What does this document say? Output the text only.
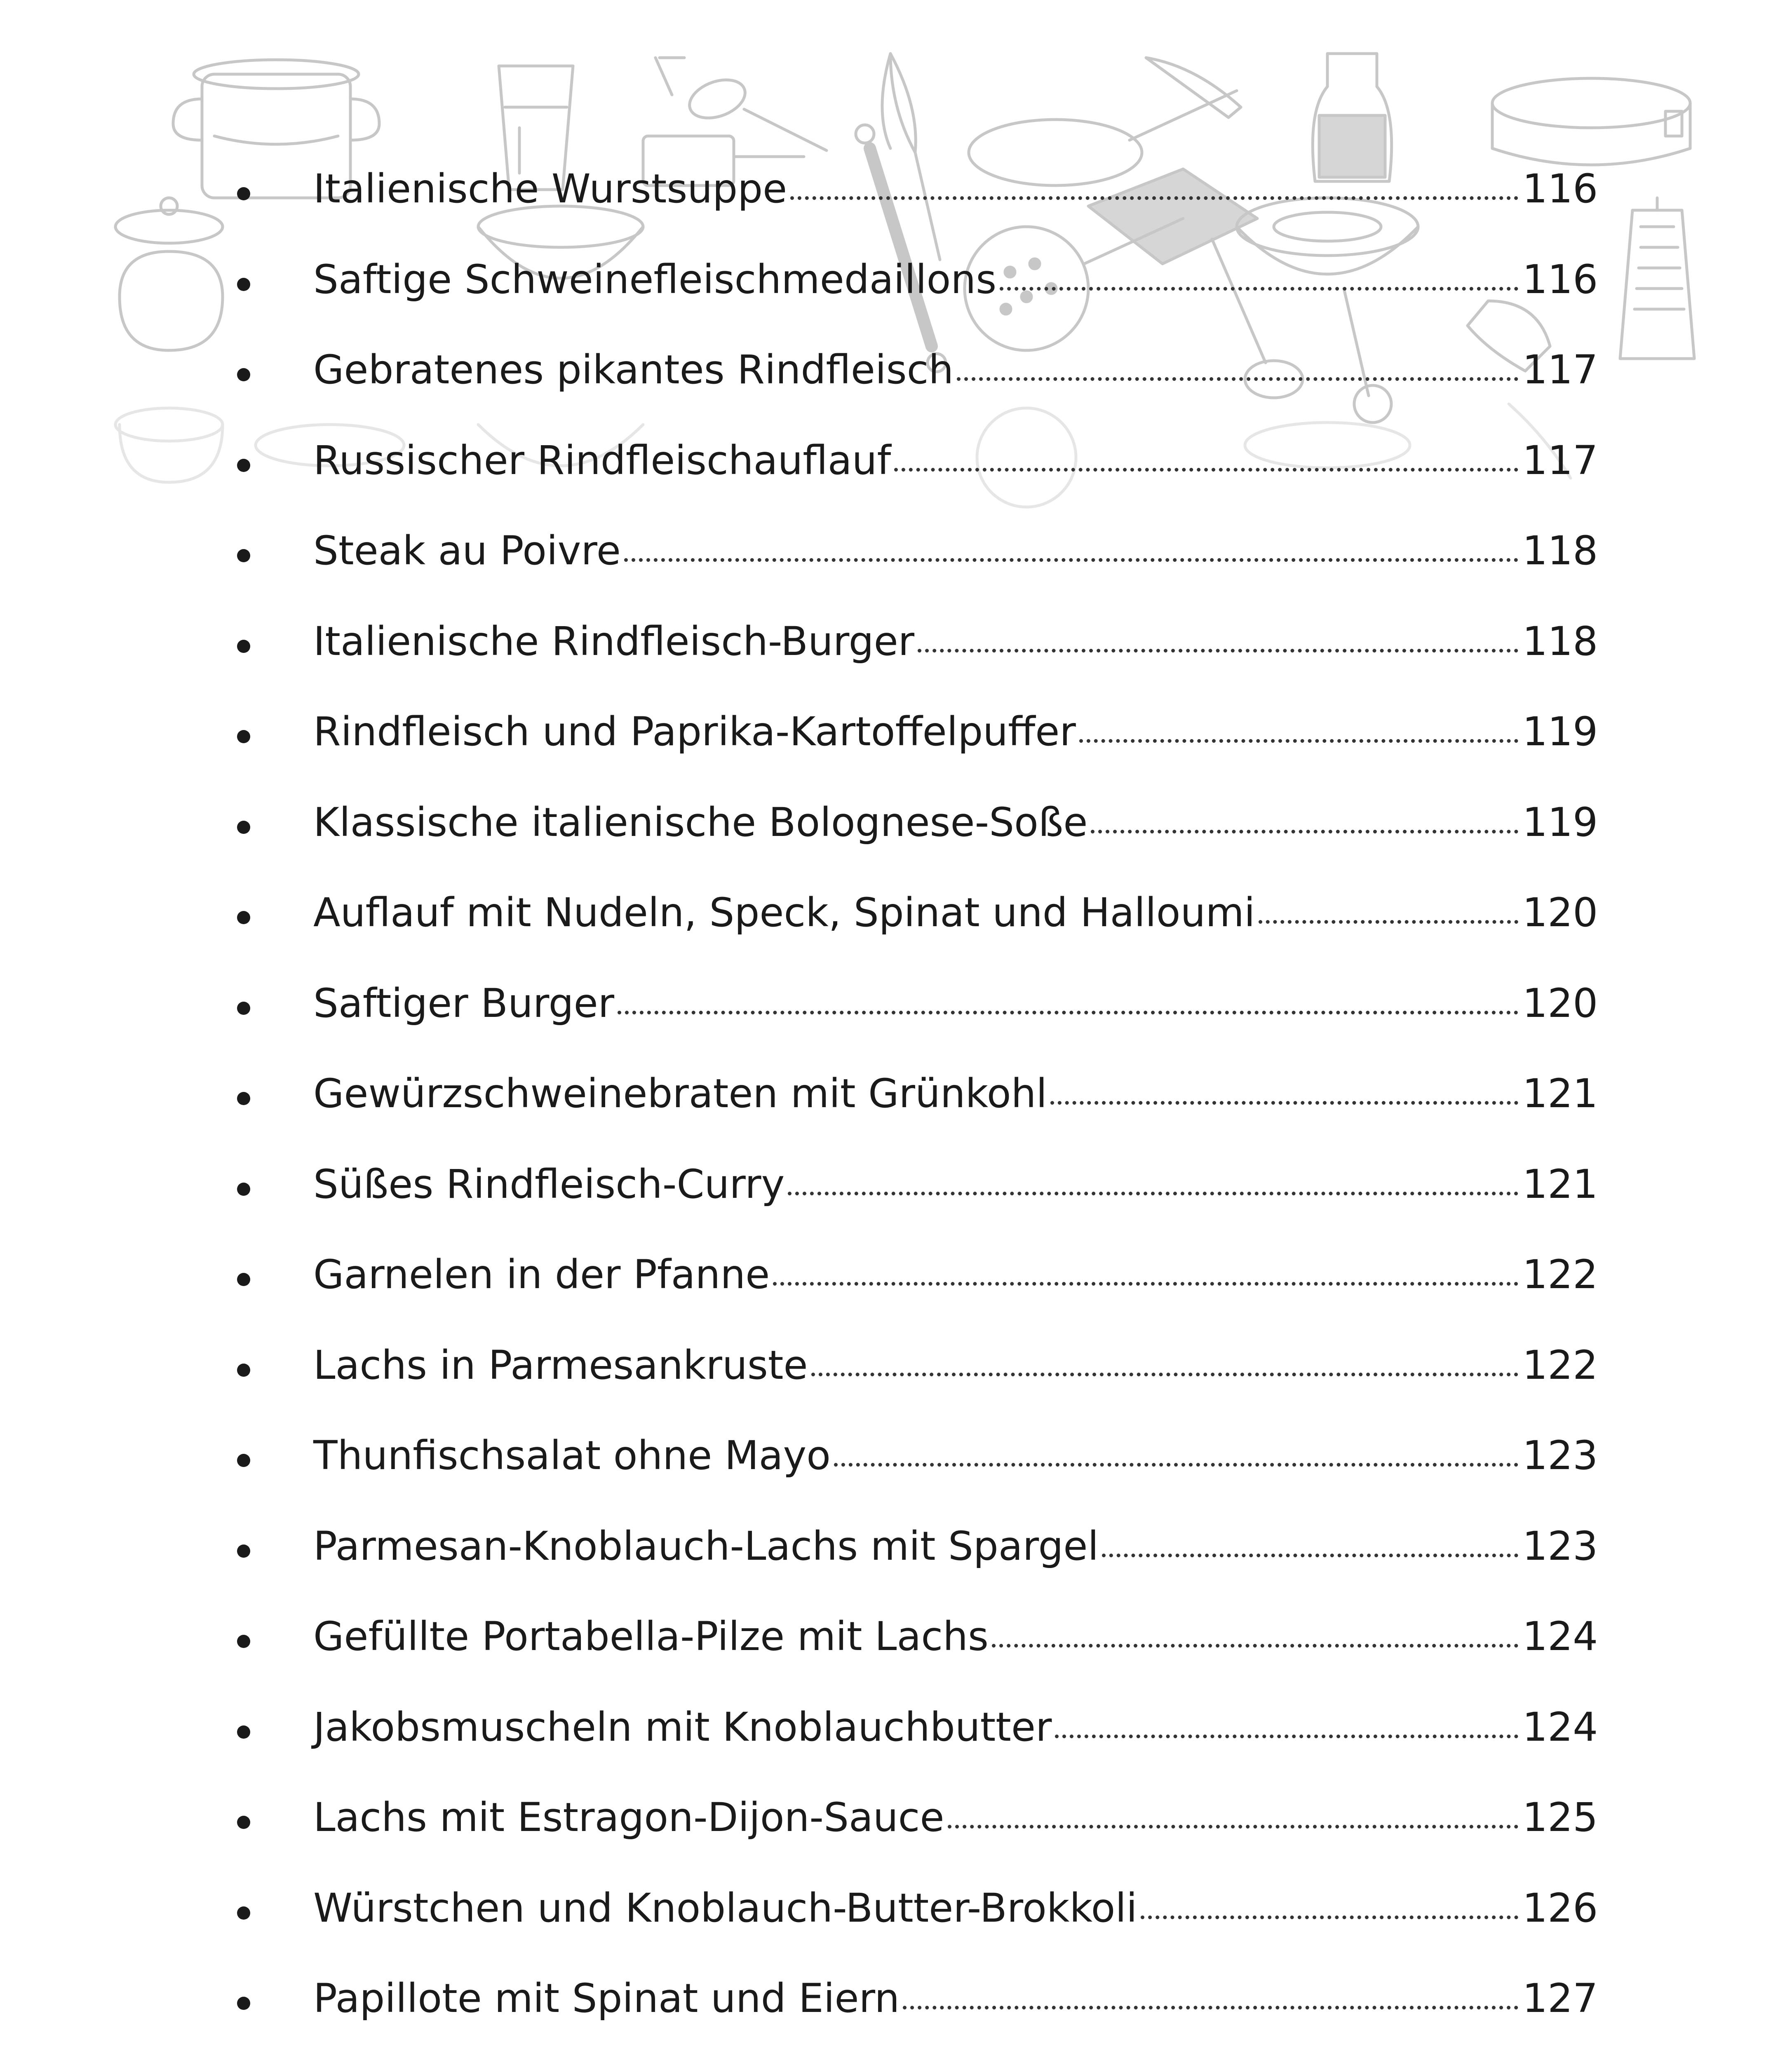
Italienische Wurstsuppe	116
Saftige Schweinefleischmedaillons	116
Gebratenes pikantes Rindfleisch	117
Russischer Rindfleischauflauf	117
Steak au Poivre	118
Italienische Rindfleisch-Burger	118
Rindfleisch und Paprika-Kartoffelpuffer	119
Klassische italienische Bolognese-Soße	119
Auflauf mit Nudeln, Speck, Spinat und Halloumi	120
Saftiger Burger	120
Gewürzschweinebraten mit Grünkohl	121
Süßes Rindfleisch-Curry	121
Garnelen in der Pfanne	122
Lachs in Parmesankruste	122
Thunfischsalat ohne Mayo	123
Parmesan-Knoblauch-Lachs mit Spargel	123
Gefüllte Portabella-Pilze mit Lachs	124
Jakobsmuscheln mit Knoblauchbutter	124
Lachs mit Estragon-Dijon-Sauce	125
Würstchen und Knoblauch-Butter-Brokkoli	126
Papillote mit Spinat und Eiern	127
